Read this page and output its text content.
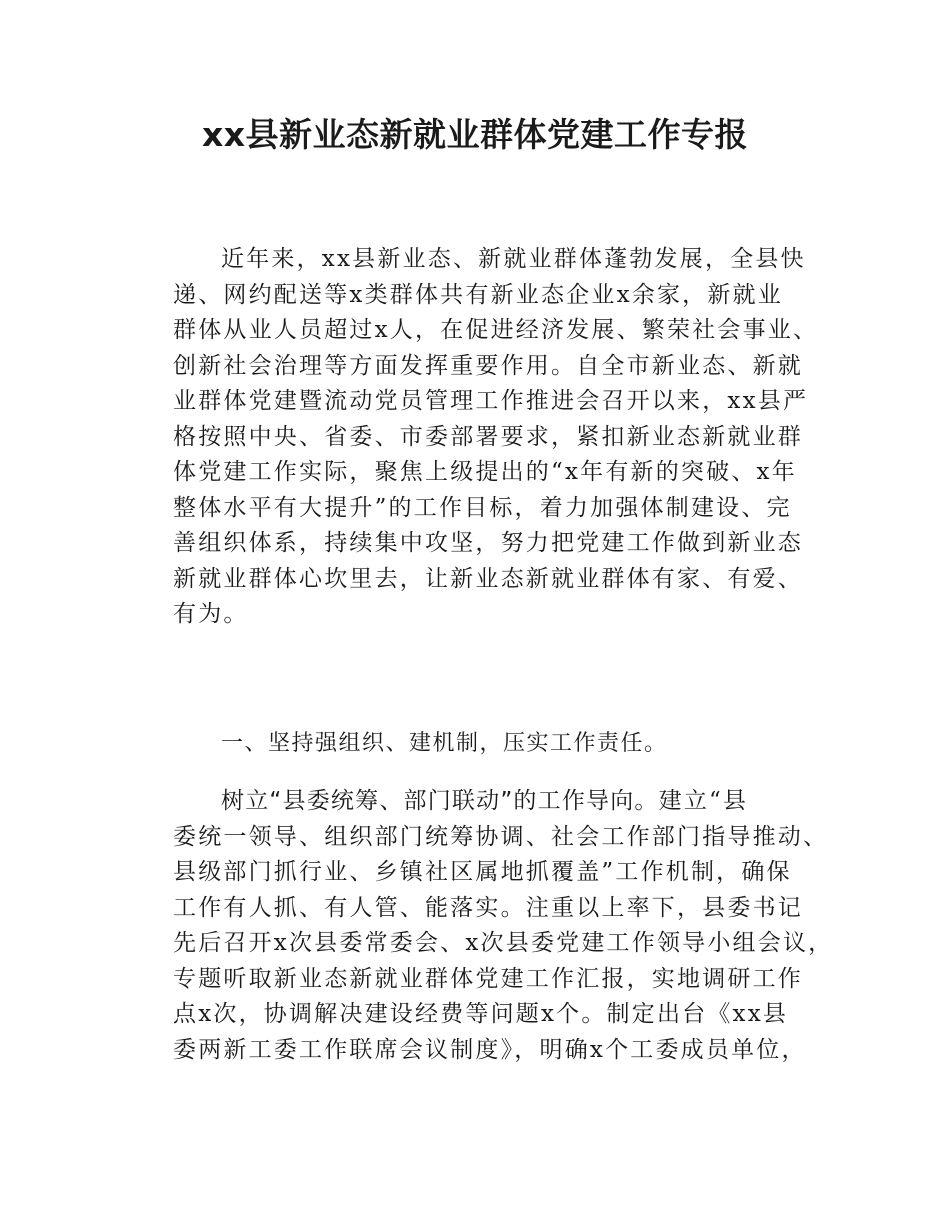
xx县新业态新就业群体党建工作专报
近年来，xx县新业态、新就业群体蓬勃发展，全县快
递、网约配送等x类群体共有新业态企业x余家，新就业
群体从业人员超过x人，在促进经济发展、繁荣社会事业、
创新社会治理等方面发挥重要作用。自全市新业态、新就
业群体党建暨流动党员管理工作推进会召开以来，xx县严
格按照中央、省委、市委部署要求，紧扣新业态新就业群
体党建工作实际，聚焦上级提出的“x年有新的突破、x年
整体水平有大提升”的工作目标，着力加强体制建设、完
善组织体系，持续集中攻坚，努力把党建工作做到新业态
新就业群体心坎里去，让新业态新就业群体有家、有爱、
有为。
一、坚持强组织、建机制，压实工作责任。
树立“县委统筹、部门联动”的工作导向。建立“县
委统一领导、组织部门统筹协调、社会工作部门指导推动、
县级部门抓行业、乡镇社区属地抓覆盖”工作机制，确保
工作有人抓、有人管、能落实。注重以上率下，县委书记
先后召开x次县委常委会、x次县委党建工作领导小组会议，
专题听取新业态新就业群体党建工作汇报，实地调研工作
点x次，协调解决建设经费等问题x个。制定出台《xx县
委两新工委工作联席会议制度》，明确x个工委成员单位，
